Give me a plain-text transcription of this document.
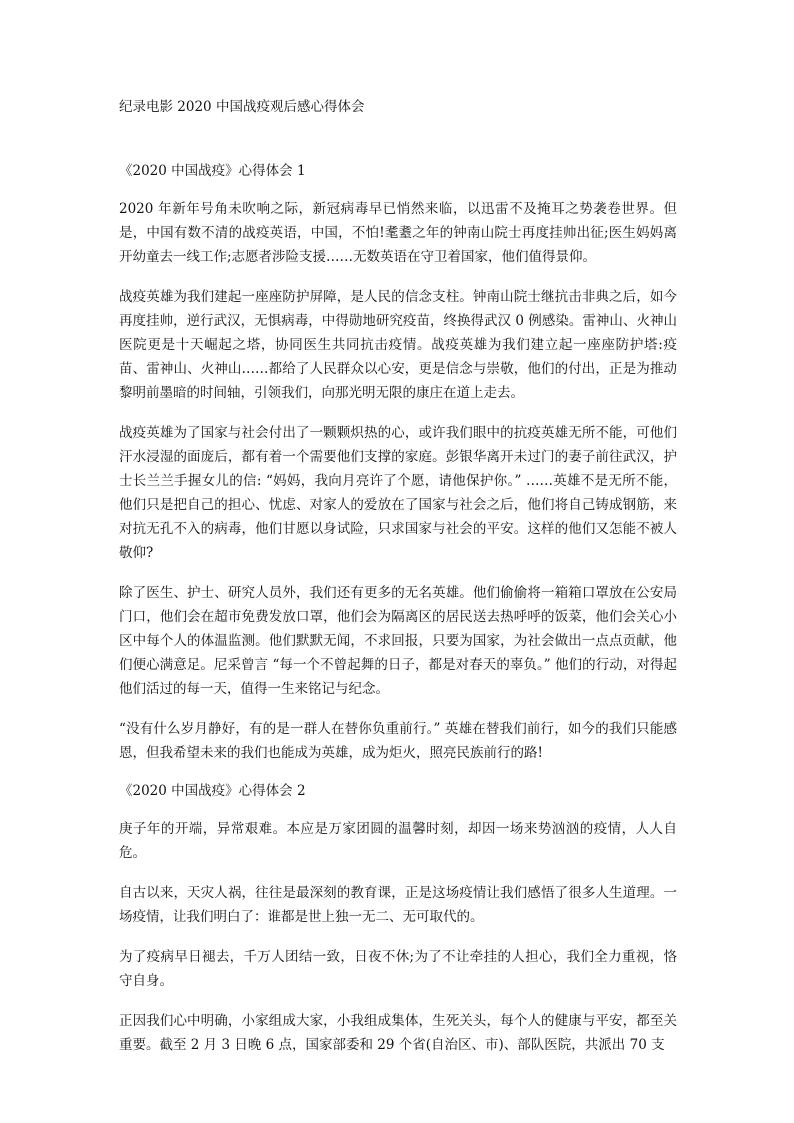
纪录电影 2020 中国战疫观后感心得体会
《2020 中国战疫》心得体会 1

2020 年新年号角未吹响之际，新冠病毒早已悄然来临，以迅雷不及掩耳之势袭卷世界。但是，中国有数不清的战疫英语，中国，不怕!耄耋之年的钟南山院士再度挂帅出征;医生妈妈离开幼童去一线工作;志愿者涉险支援……无数英语在守卫着国家，他们值得景仰。

战疫英雄为我们建起一座座防护屏障，是人民的信念支柱。钟南山院士继抗击非典之后，如今再度挂帅，逆行武汉，无惧病毒，中得勋地研究疫苗，终换得武汉 0 例感染。雷神山、火神山医院更是十天崛起之塔，协同医生共同抗击疫情。战疫英雄为我们建立起一座座防护塔:疫苗、雷神山、火神山……都给了人民群众以心安，更是信念与崇敬，他们的付出，正是为推动黎明前墨暗的时间轴，引领我们，向那光明无限的康庄在道上走去。

战疫英雄为了国家与社会付出了一颗颗炽热的心，或许我们眼中的抗疫英雄无所不能，可他们汗水浸湿的面庞后，都有着一个需要他们支撑的家庭。彭银华离开未过门的妻子前往武汉，护士长兰兰手握女儿的信: “妈妈，我向月亮许了个愿，请他保护你。” ……英雄不是无所不能，他们只是把自己的担心、忧虑、对家人的爱放在了国家与社会之后，他们将自己铸成钢筋，来对抗无孔不入的病毒，他们甘愿以身试险，只求国家与社会的平安。这样的他们又怎能不被人敬仰?

除了医生、护士、研究人员外，我们还有更多的无名英雄。他们偷偷将一箱箱口罩放在公安局门口，他们会在超市免费发放口罩，他们会为隔离区的居民送去热呼呼的饭菜，他们会关心小区中每个人的体温监测。他们默默无闻，不求回报，只要为国家，为社会做出一点点贡献，他们便心满意足。尼采曾言 “每一个不曾起舞的日子，都是对春天的辜负。” 他们的行动，对得起他们活过的每一天，值得一生来铭记与纪念。

“没有什么岁月静好，有的是一群人在替你负重前行。” 英雄在替我们前行，如今的我们只能感恩，但我希望未来的我们也能成为英雄，成为炬火，照亮民族前行的路!

《2020 中国战疫》心得体会 2

庚子年的开端，异常艰难。本应是万家团圆的温馨时刻，却因一场来势汹汹的疫情，人人自危。

自古以来，天灾人祸，往往是最深刻的教育课，正是这场疫情让我们感悟了很多人生道理。一场疫情，让我们明白了：谁都是世上独一无二、无可取代的。

为了疫病早日褪去，千万人团结一致，日夜不休;为了不让牵挂的人担心，我们全力重视，恪守自身。

正因我们心中明确，小家组成大家，小我组成集体，生死关头，每个人的健康与平安，都至关重要。截至 2 月 3 日晚 6 点，国家部委和 29 个省(自治区、市)、部队医院，共派出 70 支
